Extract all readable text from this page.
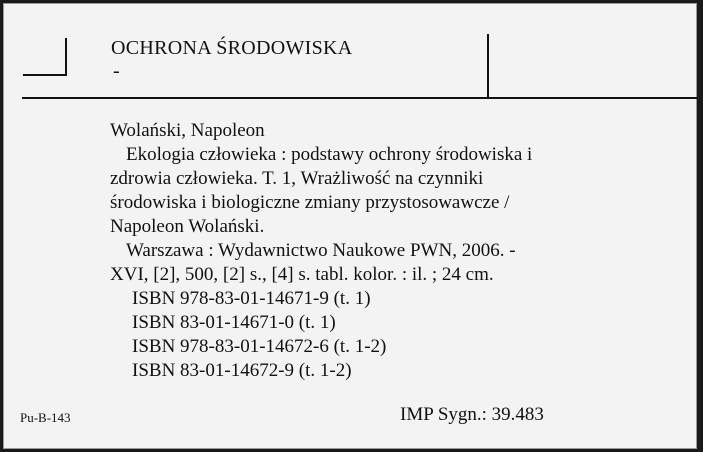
OCHRONA ŚRODOWISKA
-
Wolański, Napoleon
Ekologia człowieka : podstawy ochrony środowiska i
zdrowia człowieka. T. 1, Wrażliwość na czynniki
środowiska i biologiczne zmiany przystosowawcze /
Napoleon Wolański.
Warszawa : Wydawnictwo Naukowe PWN, 2006. -
XVI, [2], 500, [2] s., [4] s. tabl. kolor. : il. ; 24 cm.
ISBN 978-83-01-14671-9 (t. 1)
ISBN 83-01-14671-0 (t. 1)
ISBN 978-83-01-14672-6 (t. 1-2)
ISBN 83-01-14672-9 (t. 1-2)
Pu-B-143	IMP Sygn.: 39.483
